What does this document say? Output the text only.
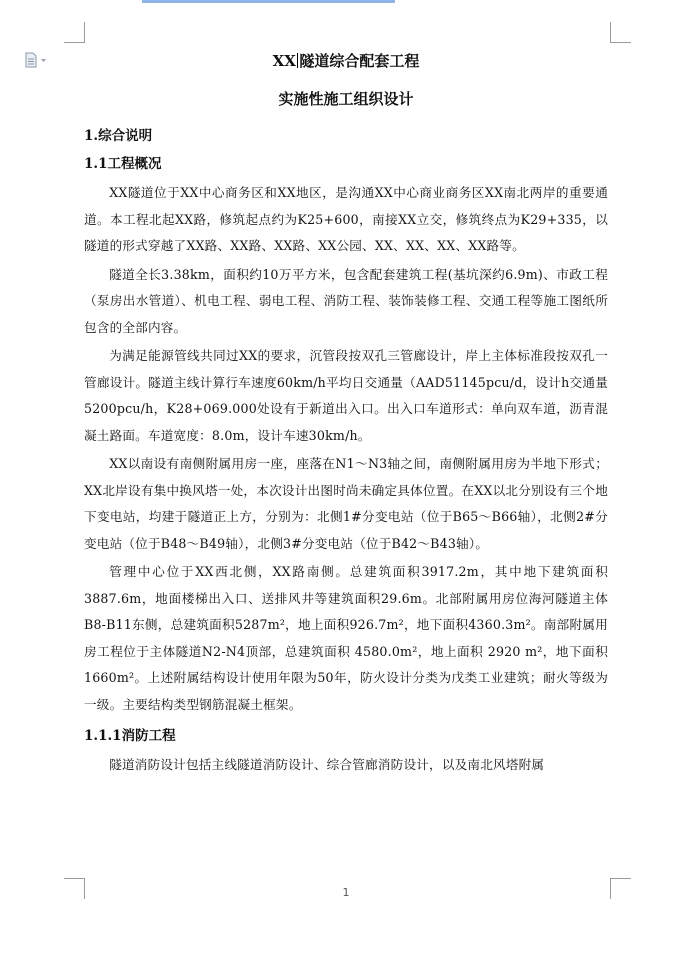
XX 隧道综合配套工程
实施性施工组织设计
1.综合说明
1.1工程概况

XX隧道位于XX中心商务区和XX地区，是沟通XX中心商业商务区XX南北两岸的重要通道。本工程北起XX路，修筑起点约为K25+600，南接XX立交，修筑终点为K29+335，以隧道的形式穿越了XX路、XX路、XX路、XX公园、XX、XX、XX、XX路等。

隧道全长3.38km，面积约10万平方米，包含配套建筑工程(基坑深约6.9m)、市政工程（泵房出水管道）、机电工程、弱电工程、消防工程、装饰装修工程、交通工程等施工图纸所包含的全部内容。

为满足能源管线共同过XX的要求，沉管段按双孔三管廊设计，岸上主体标准段按双孔一管廊设计。隧道主线计算行车速度60km/h平均日交通量（AAD51145pcu/d，设计h交通量5200pcu/h，K28+069.000处设有于新道出入口。出入口车道形式：单向双车道，沥青混凝土路面。车道宽度：8.0m，设计车速30km/h。

XX以南设有南侧附属用房一座，座落在N1～N3轴之间，南侧附属用房为半地下形式；XX北岸设有集中换风塔一处，本次设计出图时尚未确定具体位置。在XX以北分别设有三个地下变电站，均建于隧道正上方，分别为：北侧1#分变电站（位于B65～B66轴），北侧2#分变电站（位于B48～B49轴），北侧3#分变电站（位于B42～B43轴）。

管理中心位于XX西北侧，XX路南侧。总建筑面积3917.2m，其中地下建筑面积3887.6m，地面楼梯出入口、送排风井等建筑面积29.6m。北部附属用房位海河隧道主体B8-B11东侧，总建筑面积5287m²，地上面积926.7m²，地下面积4360.3m²。南部附属用房工程位于主体隧道N2-N4顶部，总建筑面积 4580.0m²，地上面积 2920 m²，地下面积1660m²。上述附属结构设计使用年限为50年，防火设计分类为戊类工业建筑；耐火等级为一级。主要结构类型钢筋混凝土框架。

1.1.1消防工程

隧道消防设计包括主线隧道消防设计、综合管廊消防设计，以及南北风塔附属

1
